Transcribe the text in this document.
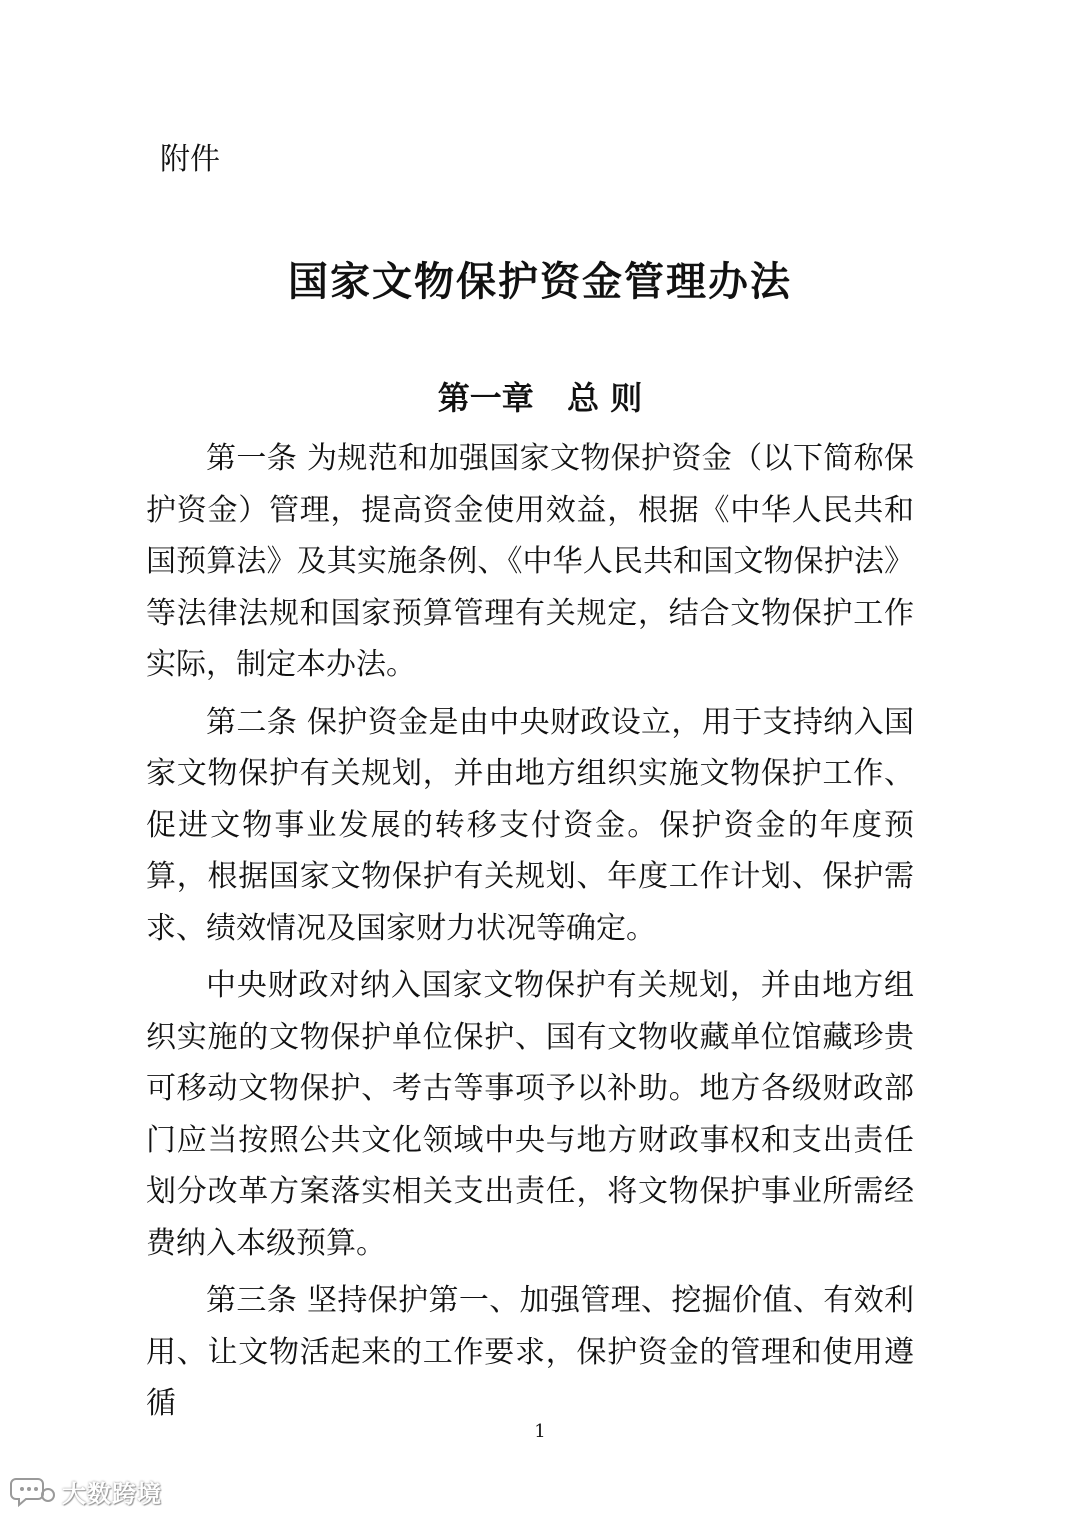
附件
国家文物保护资金管理办法
第一章   总 则

第一条 为规范和加强国家文物保护资金（以下简称保护资金）管理，提高资金使用效益，根据《中华人民共和国预算法》及其实施条例、《中华人民共和国文物保护法》等法律法规和国家预算管理有关规定，结合文物保护工作实际，制定本办法。

第二条 保护资金是由中央财政设立，用于支持纳入国家文物保护有关规划，并由地方组织实施文物保护工作、促进文物事业发展的转移支付资金。保护资金的年度预算，根据国家文物保护有关规划、年度工作计划、保护需求、绩效情况及国家财力状况等确定。

中央财政对纳入国家文物保护有关规划，并由地方组织实施的文物保护单位保护、国有文物收藏单位馆藏珍贵可移动文物保护、考古等事项予以补助。地方各级财政部门应当按照公共文化领域中央与地方财政事权和支出责任划分改革方案落实相关支出责任，将文物保护事业所需经费纳入本级预算。

第三条 坚持保护第一、加强管理、挖掘价值、有效利用、让文物活起来的工作要求，保护资金的管理和使用遵循

1
大数跨境
